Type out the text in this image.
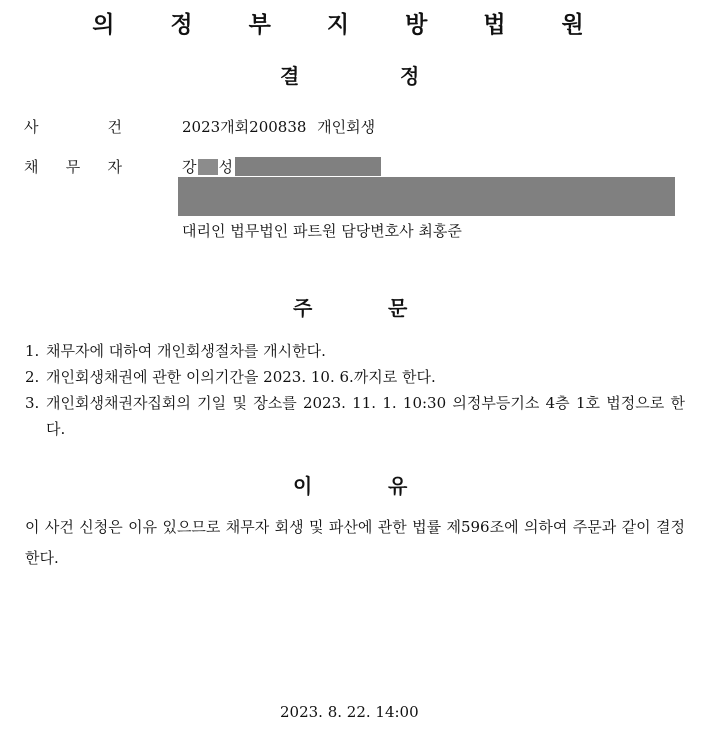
의 정 부 지 방 법 원
결	정
사 건	2023개회200838 개인회생
채 무 자	강 성
대리인 법무법인 파트원 담당변호사 최홍준
주	문
1. 채무자에 대하여 개인회생절차를 개시한다.
2. 개인회생채권에 관한 이의기간을 2023. 10. 6.까지로 한다.
3. 개인회생채권자집회의 기일 및 장소를 2023. 11. 1. 10:30 의정부등기소 4층 1호 법정으로 한다.
이	유
이 사건 신청은 이유 있으므로 채무자 회생 및 파산에 관한 법률 제596조에 의하여 주문과 같이 결정한다.
2023. 8. 22. 14:00
